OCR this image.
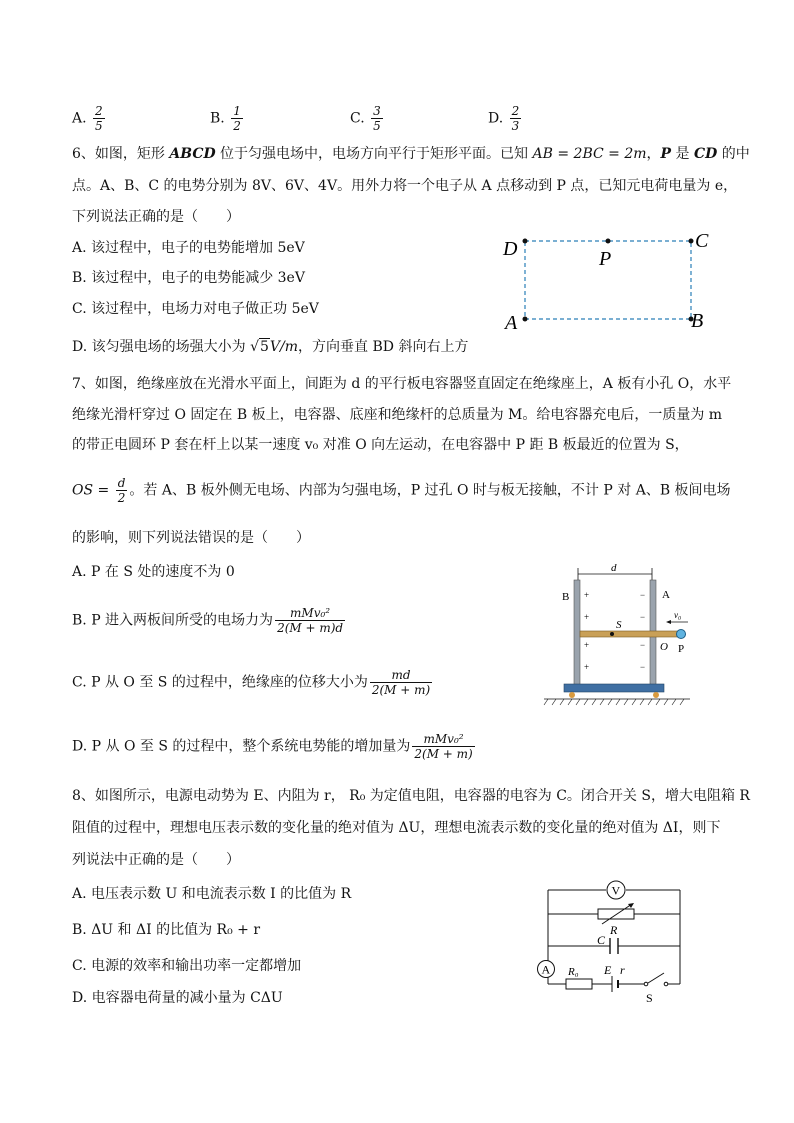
A. $\frac{2}{5}$	B. $\frac{1}{2}$	C. $\frac{3}{5}$	D. $\frac{2}{3}$
6、如图，矩形 ABCD 位于匀强电场中，电场方向平行于矩形平面。已知 AB = 2BC = 2m，P 是 CD 的中
点。A、B、C 的电势分别为 8V、6V、4V。用外力将一个电子从 A 点移动到 P 点，已知元电荷电量为 e，
下列说法正确的是（　　）
A. 该过程中，电子的电势能增加 5eV
B. 该过程中，电子的电势能减少 3eV
C. 该过程中，电场力对电子做正功 5eV
D. 该匀强电场的场强大小为 √5V/m，方向垂直 BD 斜向右上方
D	P
C
A	B
7、如图，绝缘座放在光滑水平面上，间距为 d 的平行板电容器竖直固定在绝缘座上，A 板有小孔 O，水平
绝缘光滑杆穿过 O 固定在 B 板上，电容器、底座和绝缘杆的总质量为 M。给电容器充电后，一质量为 m
的带正电圆环 P 套在杆上以某一速度 v₀ 对准 O 向左运动，在电容器中 P 距 B 板最近的位置为 S，
OS = $\frac{d}{2}$ 。若 A、B 板外侧无电场、内部为匀强电场，P 过孔 O 时与板无接触，不计 P 对 A、B 板间电场
的影响，则下列说法错误的是（　　）
A. P 在 S 处的速度不为 0
B. P 进入两板间所受的电场力为 mMv₀²
2(M + m)d
C. P 从 O 至 S 的过程中，绝缘座的位移大小为 $\frac{md}{2(M + m)}$
D. P 从 O 至 S 的过程中，整个系统电势能的增加量为 mMv₀²
2(M + m)
d
B	A
+
+
+
+
−
−
−
−
S
O P
v₀
8、如图所示，电源电动势为 E、内阻为 r， R₀ 为定值电阻，电容器的电容为 C。闭合开关 S，增大电阻箱 R
阻值的过程中，理想电压表示数的变化量的绝对值为 ΔU，理想电流表示数的变化量的绝对值为 ΔI，则下
列说法中正确的是（　　）
A. 电压表示数 U 和电流表示数 I 的比值为 R
B. ΔU 和 ΔI 的比值为 R₀ + r
C. 电源的效率和输出功率一定都增加
D. 电容器电荷量的减小量为 CΔU
V
R
C
A R₀ E r
S
